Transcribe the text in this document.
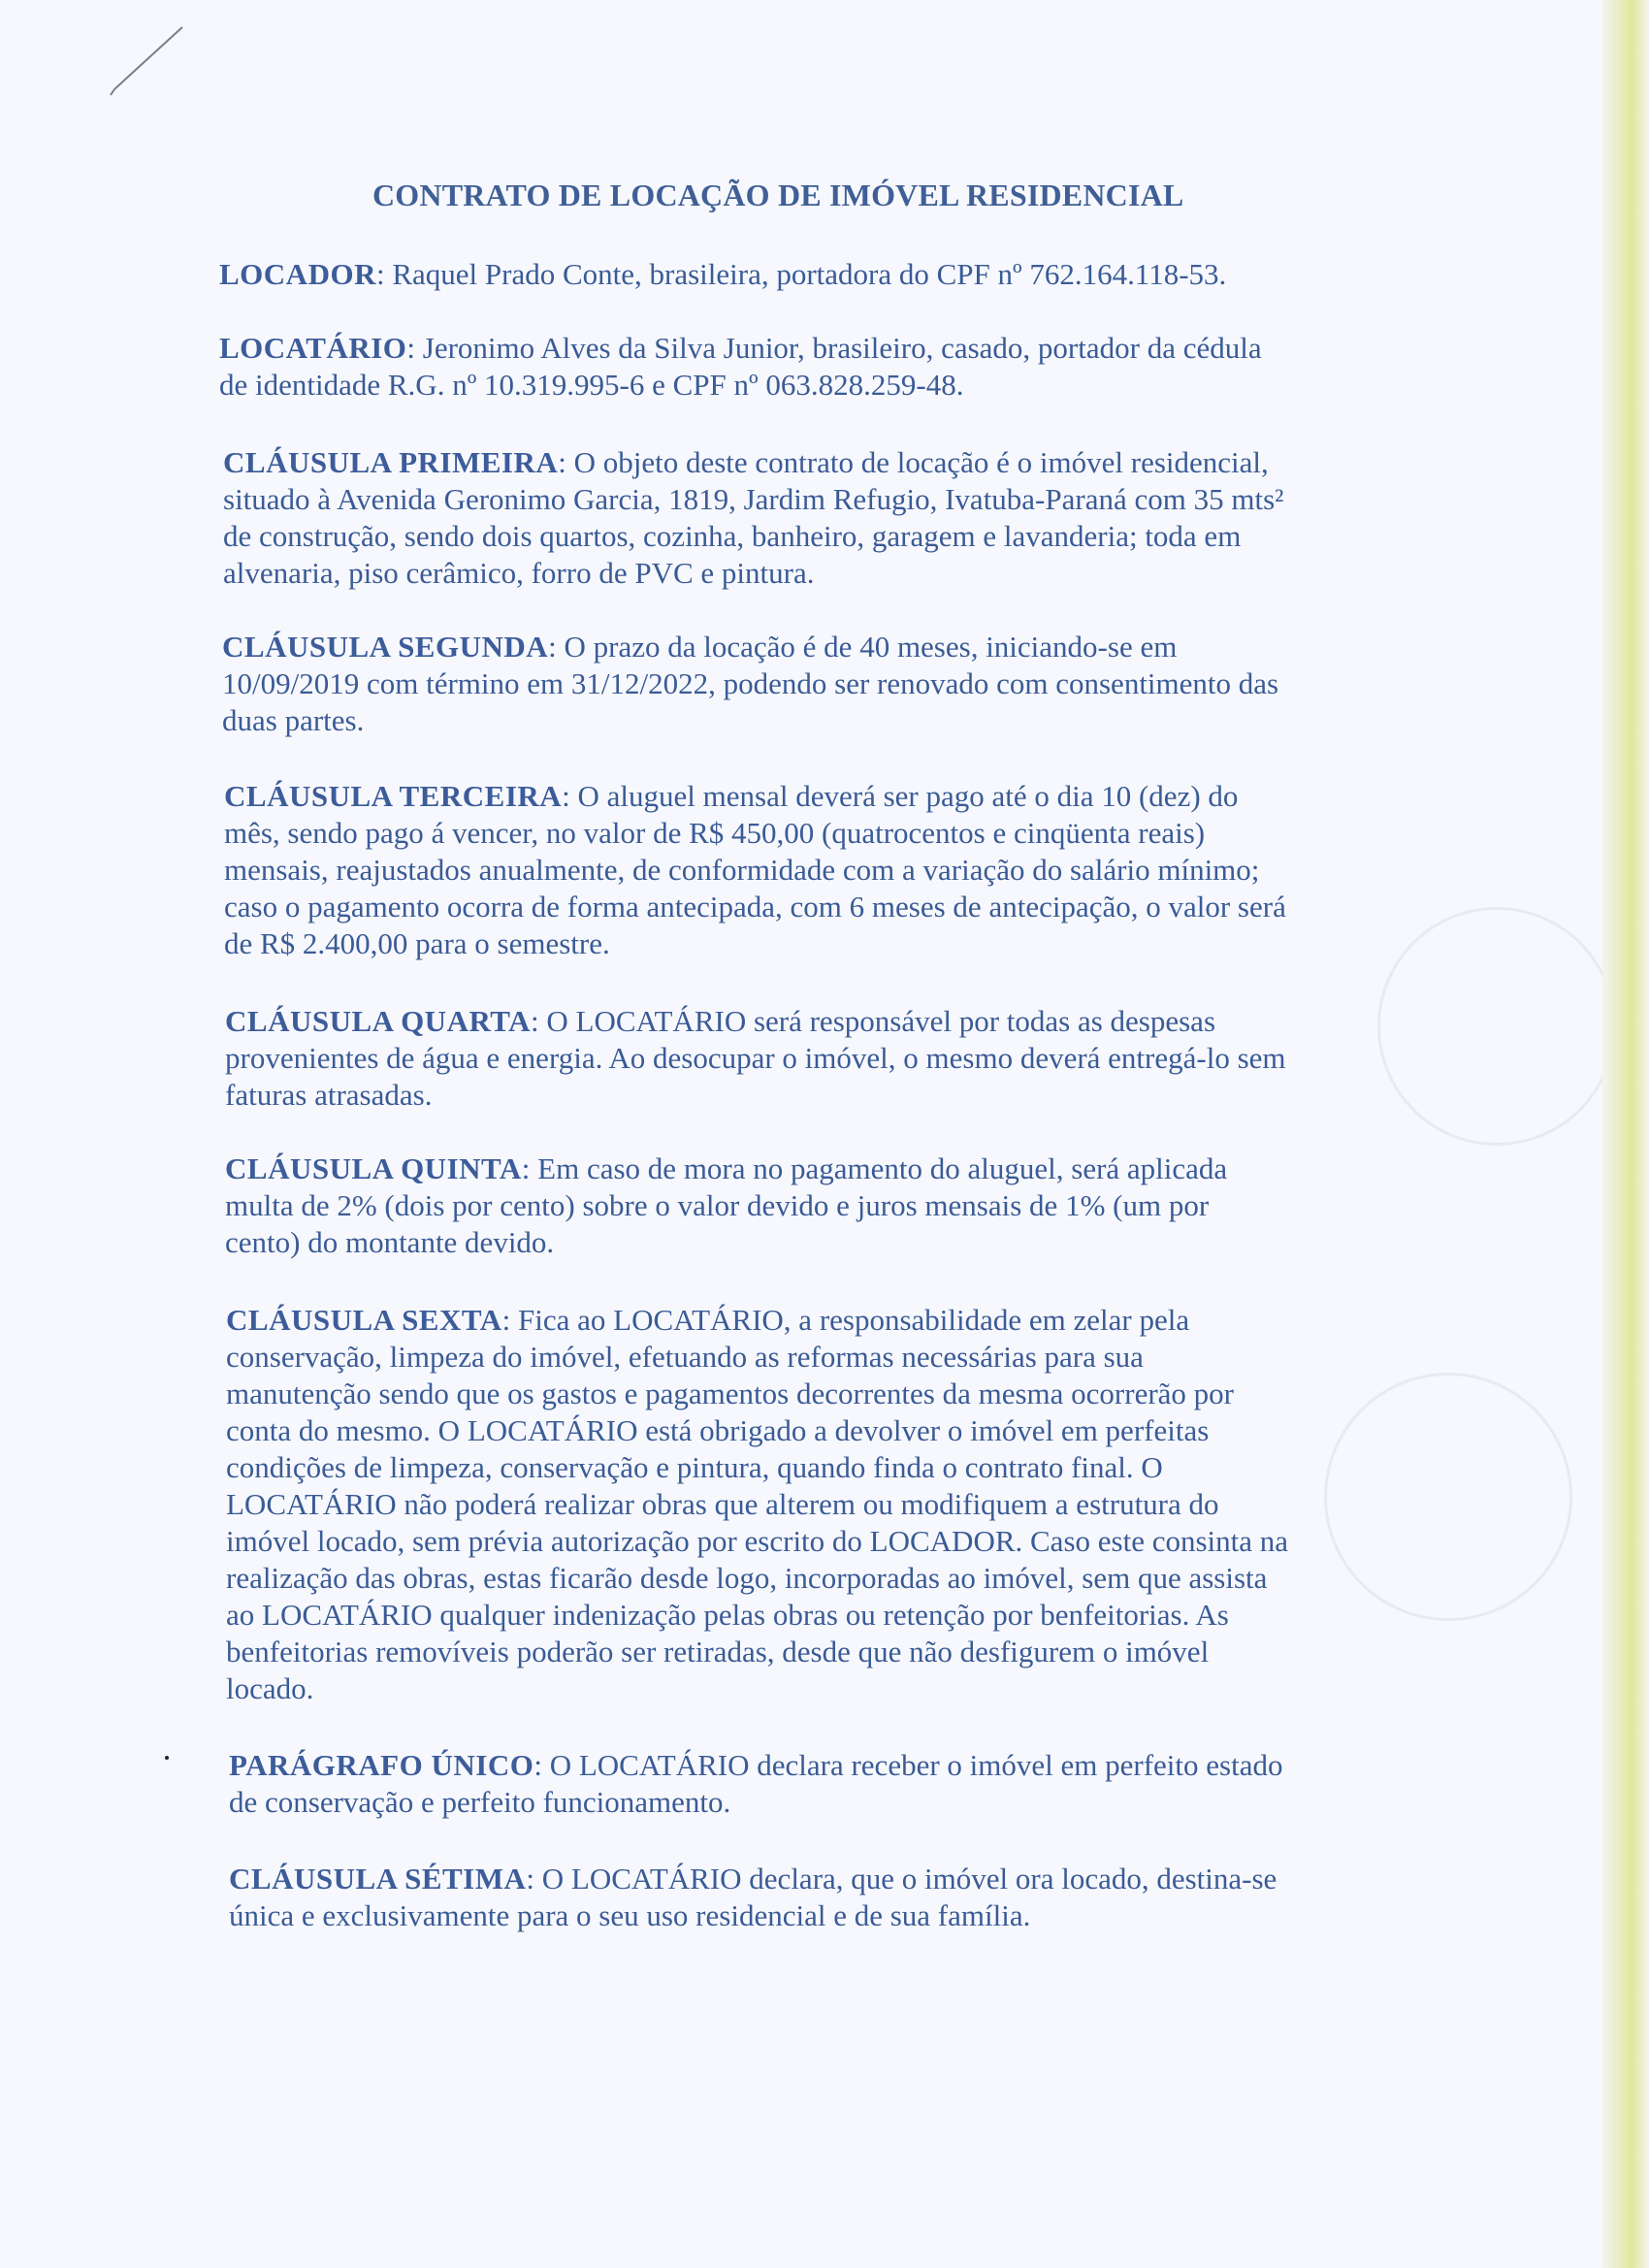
CONTRATO DE LOCAÇÃO DE IMÓVEL RESIDENCIAL

LOCADOR: Raquel Prado Conte, brasileira, portadora do CPF nº 762.164.118-53.

LOCATÁRIO: Jeronimo Alves da Silva Junior, brasileiro, casado, portador da cédula
de identidade R.G. nº 10.319.995-6 e CPF nº 063.828.259-48.

CLÁUSULA PRIMEIRA: O objeto deste contrato de locação é o imóvel residencial,
situado à Avenida Geronimo Garcia, 1819, Jardim Refugio, Ivatuba-Paraná com 35 mts²
de construção, sendo dois quartos, cozinha, banheiro, garagem e lavanderia; toda em
alvenaria, piso cerâmico, forro de PVC e pintura.

CLÁUSULA SEGUNDA: O prazo da locação é de 40 meses, iniciando-se em
10/09/2019 com término em 31/12/2022, podendo ser renovado com consentimento das
duas partes.

CLÁUSULA TERCEIRA: O aluguel mensal deverá ser pago até o dia 10 (dez) do
mês, sendo pago á vencer, no valor de R$ 450,00 (quatrocentos e cinqüenta reais)
mensais, reajustados anualmente, de conformidade com a variação do salário mínimo;
caso o pagamento ocorra de forma antecipada, com 6 meses de antecipação, o valor será
de R$ 2.400,00 para o semestre.

CLÁUSULA QUARTA: O LOCATÁRIO será responsável por todas as despesas
provenientes de água e energia. Ao desocupar o imóvel, o mesmo deverá entregá-lo sem
faturas atrasadas.

CLÁUSULA QUINTA: Em caso de mora no pagamento do aluguel, será aplicada
multa de 2% (dois por cento) sobre o valor devido e juros mensais de 1% (um por
cento) do montante devido.

CLÁUSULA SEXTA: Fica ao LOCATÁRIO, a responsabilidade em zelar pela
conservação, limpeza do imóvel, efetuando as reformas necessárias para sua
manutenção sendo que os gastos e pagamentos decorrentes da mesma ocorrerão por
conta do mesmo. O LOCATÁRIO está obrigado a devolver o imóvel em perfeitas
condições de limpeza, conservação e pintura, quando finda o contrato final. O
LOCATÁRIO não poderá realizar obras que alterem ou modifiquem a estrutura do
imóvel locado, sem prévia autorização por escrito do LOCADOR. Caso este consinta na
realização das obras, estas ficarão desde logo, incorporadas ao imóvel, sem que assista
ao LOCATÁRIO qualquer indenização pelas obras ou retenção por benfeitorias. As
benfeitorias removíveis poderão ser retiradas, desde que não desfigurem o imóvel
locado.

PARÁGRAFO ÚNICO: O LOCATÁRIO declara receber o imóvel em perfeito estado
de conservação e perfeito funcionamento.

CLÁUSULA SÉTIMA: O LOCATÁRIO declara, que o imóvel ora locado, destina-se
única e exclusivamente para o seu uso residencial e de sua família.
